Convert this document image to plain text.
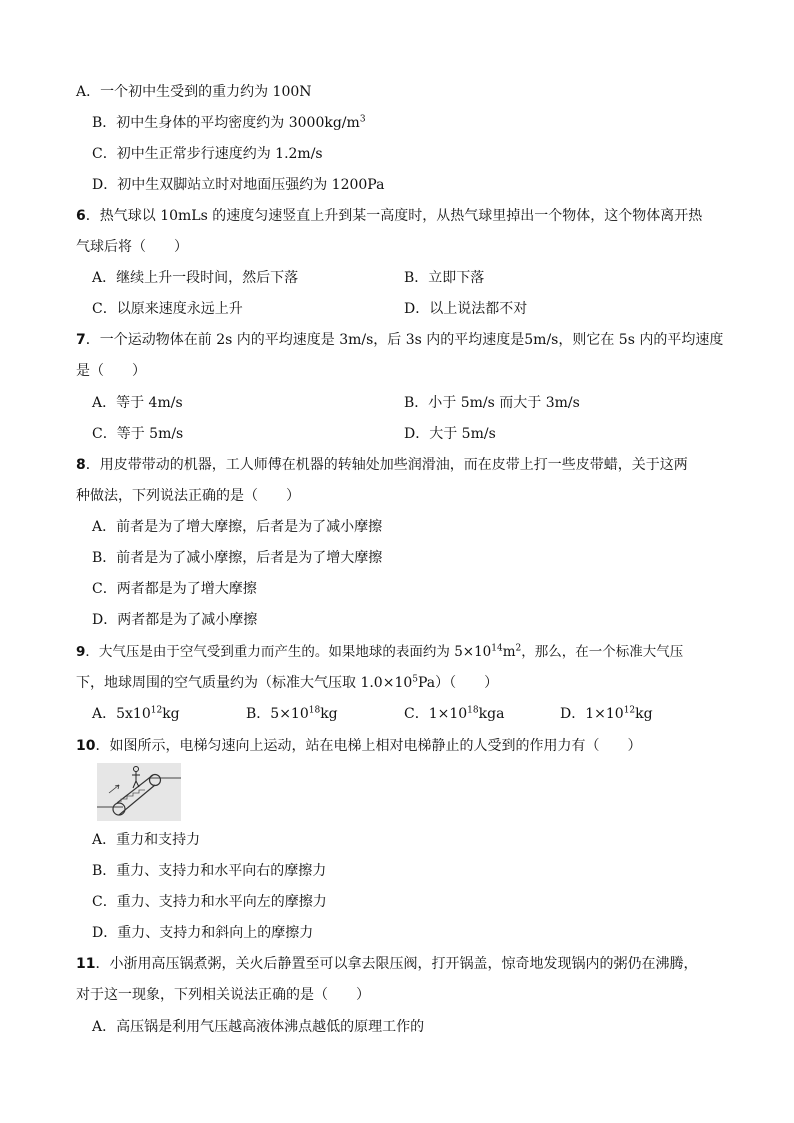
A．一个初中生受到的重力约为 100N
B．初中生身体的平均密度约为 $3000kg/m^3$
C．初中生正常步行速度约为 1.2m/s
D．初中生双脚站立时对地面压强约为 1200Pa
6．热气球以 10mLs 的速度匀速竖直上升到某一高度时，从热气球里掉出一个物体，这个物体离开热
气球后将（　　）
A．继续上升一段时间，然后下落	B．立即下落
C．以原来速度永远上升	D．以上说法都不对
7．一个运动物体在前 2s 内的平均速度是 3m/s，后 3s 内的平均速度是5m/s，则它在 5s 内的平均速度
是（　　）
A．等于 4m/s	B．小于 5m/s 而大于 3m/s
C．等于 5m/s	D．大于 5m/s
8．用皮带带动的机器，工人师傅在机器的转轴处加些润滑油，而在皮带上打一些皮带蜡，关于这两
种做法，下列说法正确的是（　　）
A．前者是为了增大摩擦，后者是为了减小摩擦
B．前者是为了减小摩擦，后者是为了增大摩擦
C．两者都是为了增大摩擦
D．两者都是为了减小摩擦
9．大气压是由于空气受到重力而产生的。如果地球的表面约为 $5\times 10^{14}m^2$，那么，在一个标准大气压
下，地球周围的空气质量约为（标准大气压取 $1.0\times 10^5Pa$）（　　）
A．$5x10^{12}kg$	B．$5\times 10^{18}kg$	C．$1\times 10^{18}kga$	D．$1\times 10^{12}kg$
10．如图所示，电梯匀速向上运动，站在电梯上相对电梯静止的人受到的作用力有（　　）
A．重力和支持力
B．重力、支持力和水平向右的摩擦力
C．重力、支持力和水平向左的摩擦力
D．重力、支持力和斜向上的摩擦力
11．小浙用高压锅煮粥，关火后静置至可以拿去限压阀，打开锅盖，惊奇地发现锅内的粥仍在沸腾，
对于这一现象，下列相关说法正确的是（　　）
A．高压锅是利用气压越高液体沸点越低的原理工作的
